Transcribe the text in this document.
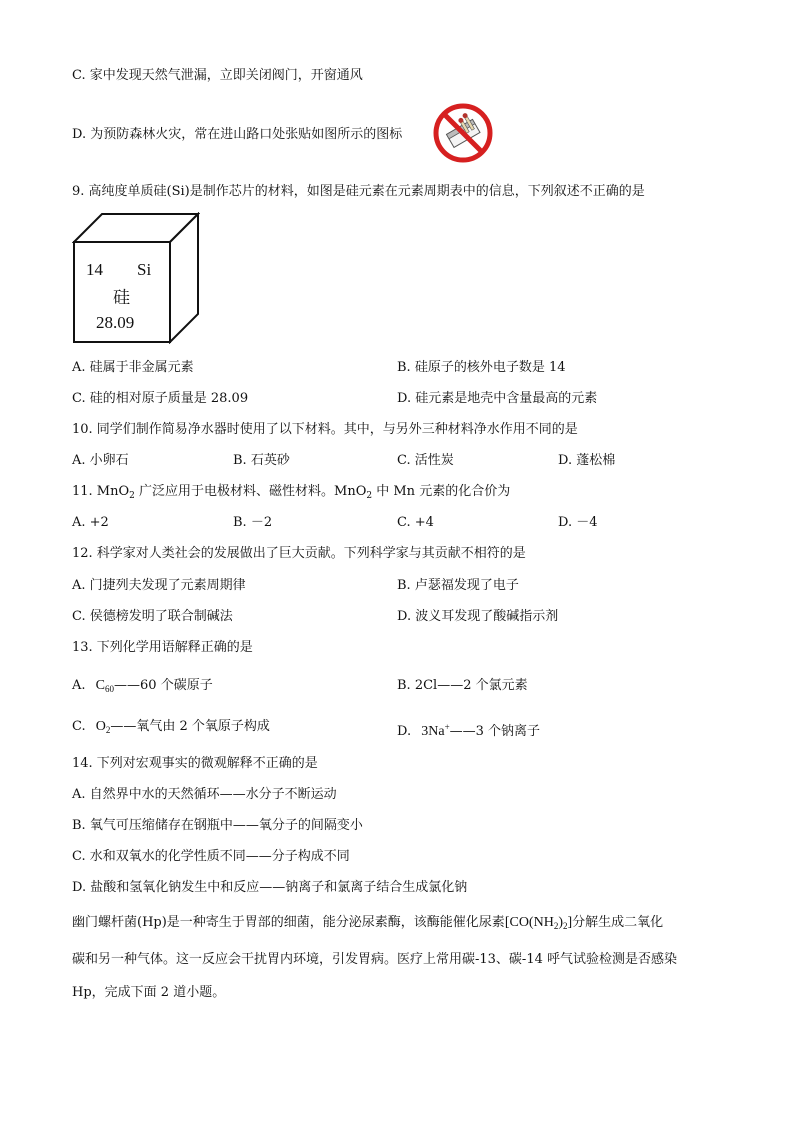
C. 家中发现天然气泄漏，立即关闭阀门，开窗通风
D. 为预防森林火灾，常在进山路口处张贴如图所示的图标
9. 高纯度单质硅(Si)是制作芯片的材料，如图是硅元素在元素周期表中的信息，下列叙述不正确的是
14 Si
硅
28.09
A. 硅属于非金属元素	B. 硅原子的核外电子数是 14
C. 硅的相对原子质量是 28.09	D. 硅元素是地壳中含量最高的元素
10. 同学们制作简易净水器时使用了以下材料。其中，与另外三种材料净水作用不同的是
A. 小卵石	B. 石英砂	C. 活性炭	D. 蓬松棉
11. MnO$_2$ 广泛应用于电极材料、磁性材料。MnO$_2$ 中 Mn 元素的化合价为
A. +2	B. －2	C. +4	D. －4
12. 科学家对人类社会的发展做出了巨大贡献。下列科学家与其贡献不相符的是
A. 门捷列夫发现了元素周期律	B. 卢瑟福发现了电子
C. 侯德榜发明了联合制碱法	D. 波义耳发现了酸碱指示剂
13. 下列化学用语解释正确的是
A. $C_{60}——60$ 个碳原子	B. 2Cl——2 个氯元素
C. $O_2——$氧气由 2 个氧原子构成	D. 3Na+——3 个钠离子
14. 下列对宏观事实的微观解释不正确的是
A. 自然界中水的天然循环——水分子不断运动
B. 氧气可压缩储存在钢瓶中——氧分子的间隔变小
C. 水和双氧水的化学性质不同——分子构成不同
D. 盐酸和氢氧化钠发生中和反应——钠离子和氯离子结合生成氯化钠
幽门螺杆菌(Hp)是一种寄生于胃部的细菌，能分泌尿素酶，该酶能催化尿素$[CO(NH_2)_2]$分解生成二氧化
碳和另一种气体。这一反应会干扰胃内环境，引发胃病。医疗上常用碳-13、碳-14 呼气试验检测是否感染
Hp，完成下面 2 道小题。
